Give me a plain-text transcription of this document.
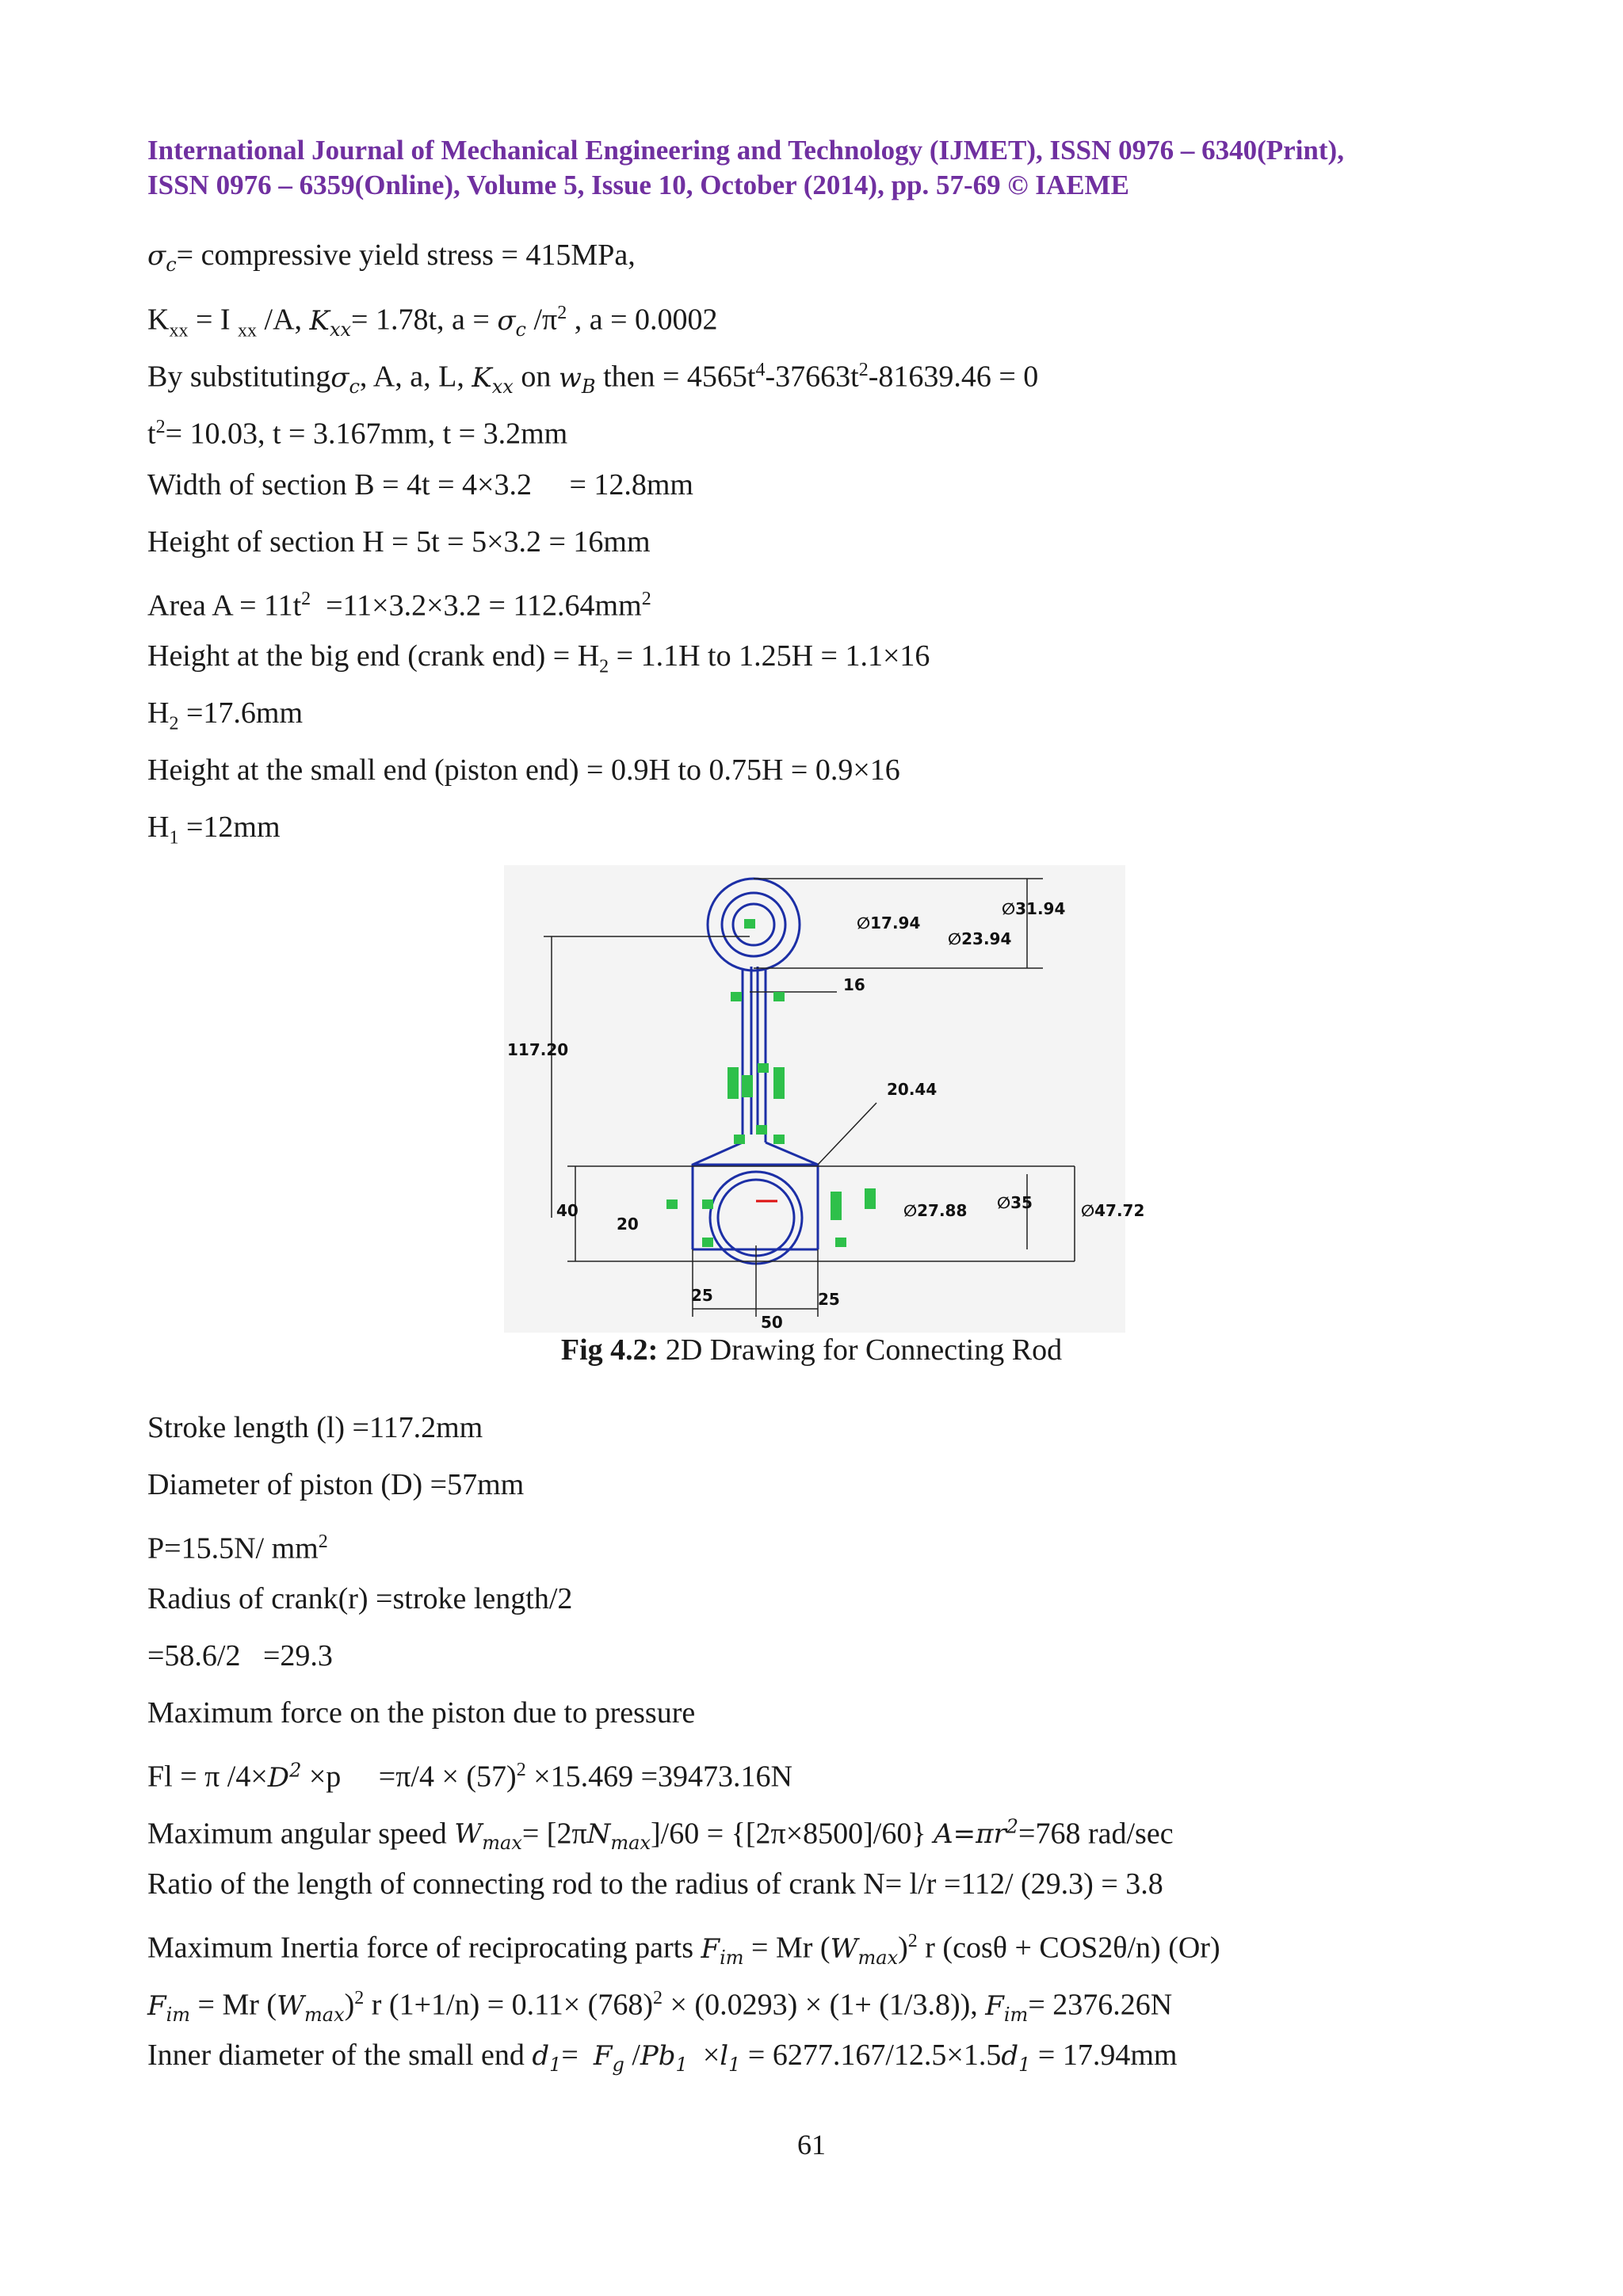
International Journal of Mechanical Engineering and Technology (IJMET), ISSN 0976 – 6340(Print),
ISSN 0976 – 6359(Online), Volume 5, Issue 10, October (2014), pp. 57-69 © IAEME
$\sigma_c=$ compressive yield stress = 415MPa,
$K_{xx} = I$ $_{xx}$ /A, $K_{xx}= 1.78t$, $a = \sigma_c$ $/\pi^2$ , a = 0.0002
By substitutingσ$_c$, A, a, L, $K_{xx}$ on $w_B$ then = $4565t^4-37663t^2-81639.46 = 0$
$t^2= 10.03$, t = 3.167mm, t = 3.2mm
Width of section B = 4t = 4×3.2     = 12.8mm
Height of section H = 5t = 5×3.2 = 16mm
Area $A = 11t^2 =11\times 3.2\times 3.2 = 112.64mm^2$
Height at the big end (crank $end) = H_2 = 1.1H$ to 1.25H = 1.1×16
$H_2 =17.6mm$
Height at the small end (piston end) = 0.9H to 0.75H = 0.9×16
$H_1 =12mm$
∅31.94
∅17.94
∅23.94
16
117.20
20.44
∅35	∅47.72
∅27.88
40
20
25	25
50
Fig 4.2: 2D Drawing for Connecting Rod
Stroke length (l) =117.2mm
Diameter of piston (D) =57mm
P=15.5N/ $mm^2$
Radius of crank(r) =stroke length/2
=58.6/2   =29.3
Maximum force on the piston due to pressure
Fl = π $/4\times D^2 \times p$     $=\pi/4 \times (57)^2 \times 15.469 =39473.16N$
Maximum angular speed $W_{max}= [2\pi N_{max}]/60 = \{[2\pi\times 8500]/60\}$ $A=\pi r^2=768$ rad/sec
Ratio of the length of connecting rod to the radius of crank N= l/r =112/ (29.3) = 3.8
Maximum Inertia force of reciprocating parts $F_{im} = Mr$ $(W_{max})^2$ r (cosθ + COS2θ/n) (Or)
$F_{im} = Mr$ $(W_{max})^2$ r $(1+1/n) = 0.11\times (768)^2 \times (0.0293) \times (1+ (1/3.8))$, $F_{im}= 2376.26N$
Inner diameter of the small end $d_1= F_g$ $/Pb_1 \times l_1 = 6277.167/12.5\times 1.5d_1 = 17.94mm$
61
